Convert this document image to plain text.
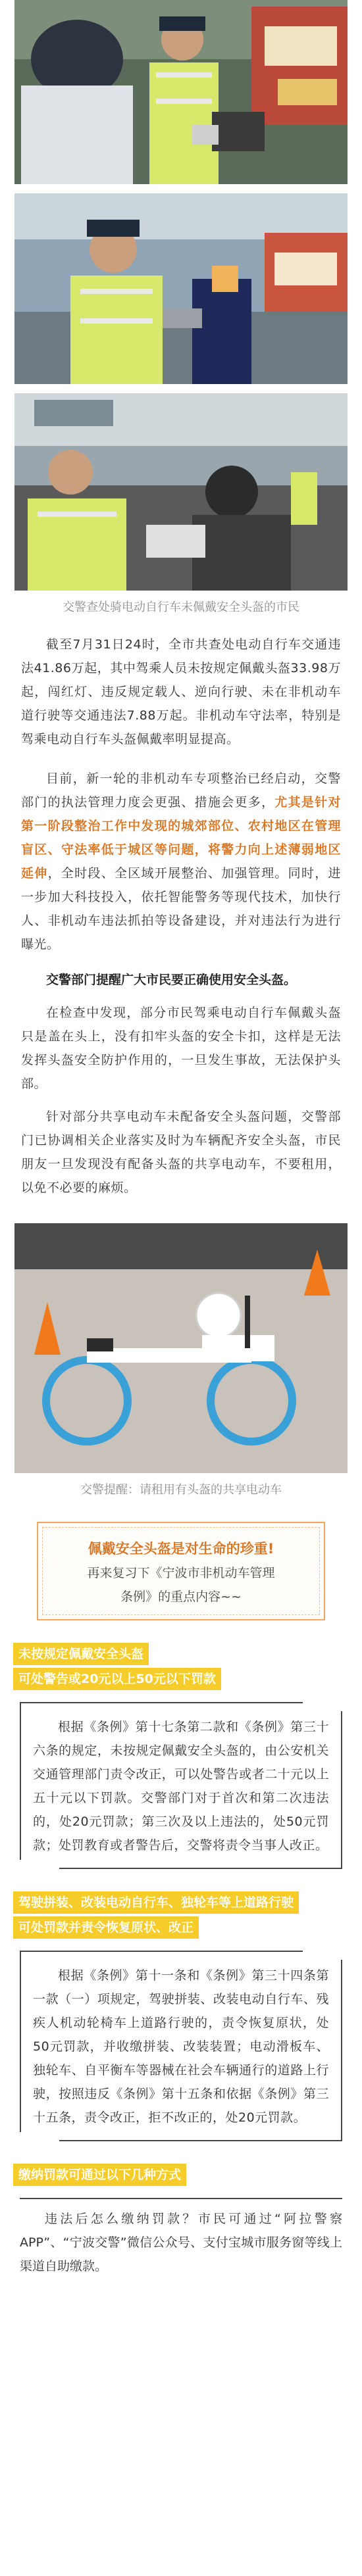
交警查处骑电动自行车未佩戴安全头盔的市民

截至7月31日24时，全市共查处电动自行车交通违法41.86万起，其中驾乘人员未按规定佩戴头盔33.98万起，闯红灯、违反规定载人、逆向行驶、未在非机动车道行驶等交通违法7.88万起。非机动车守法率，特别是驾乘电动自行车头盔佩戴率明显提高。

目前，新一轮的非机动车专项整治已经启动，交警部门的执法管理力度会更强、措施会更多，尤其是针对第一阶段整治工作中发现的城郊部位、农村地区在管理盲区、守法率低于城区等问题，将警力向上述薄弱地区延伸，全时段、全区域开展整治、加强管理。同时，进一步加大科技投入，依托智能警务等现代技术，加快行人、非机动车违法抓拍等设备建设，并对违法行为进行曝光。

交警部门提醒广大市民要正确使用安全头盔。

在检查中发现，部分市民驾乘电动自行车佩戴头盔只是盖在头上，没有扣牢头盔的安全卡扣，这样是无法发挥头盔安全防护作用的，一旦发生事故，无法保护头部。

针对部分共享电动车未配备安全头盔问题，交警部门已协调相关企业落实及时为车辆配齐安全头盔，市民朋友一旦发现没有配备头盔的共享电动车，不要租用，以免不必要的麻烦。

交警提醒：请租用有头盔的共享电动车

佩戴安全头盔是对生命的珍重!
再来复习下《宁波市非机动车管理
条例》的重点内容~~
未按规定佩戴安全头盔
可处警告或20元以上50元以下罚款

根据《条例》第十七条第二款和《条例》第三十六条的规定，未按规定佩戴安全头盔的，由公安机关交通管理部门责令改正，可以处警告或者二十元以上五十元以下罚款。交警部门对于首次和第二次违法的，处20元罚款；第三次及以上违法的，处50元罚款；处罚教育或者警告后，交警将责令当事人改正。

驾驶拼装、改装电动自行车、独轮车等上道路行驶
可处罚款并责令恢复原状、改正

根据《条例》第十一条和《条例》第三十四条第一款（一）项规定，驾驶拼装、改装电动自行车、残疾人机动轮椅车上道路行驶的，责令恢复原状，处50元罚款，并收缴拼装、改装装置；电动滑板车、独轮车、自平衡车等器械在社会车辆通行的道路上行驶，按照违反《条例》第十五条和依据《条例》第三十五条，责令改正，拒不改正的，处20元罚款。

缴纳罚款可通过以下几种方式

违法后怎么缴纳罚款？市民可通过“阿拉警察APP”、“宁波交警”微信公众号、支付宝城市服务窗等线上渠道自助缴款。
